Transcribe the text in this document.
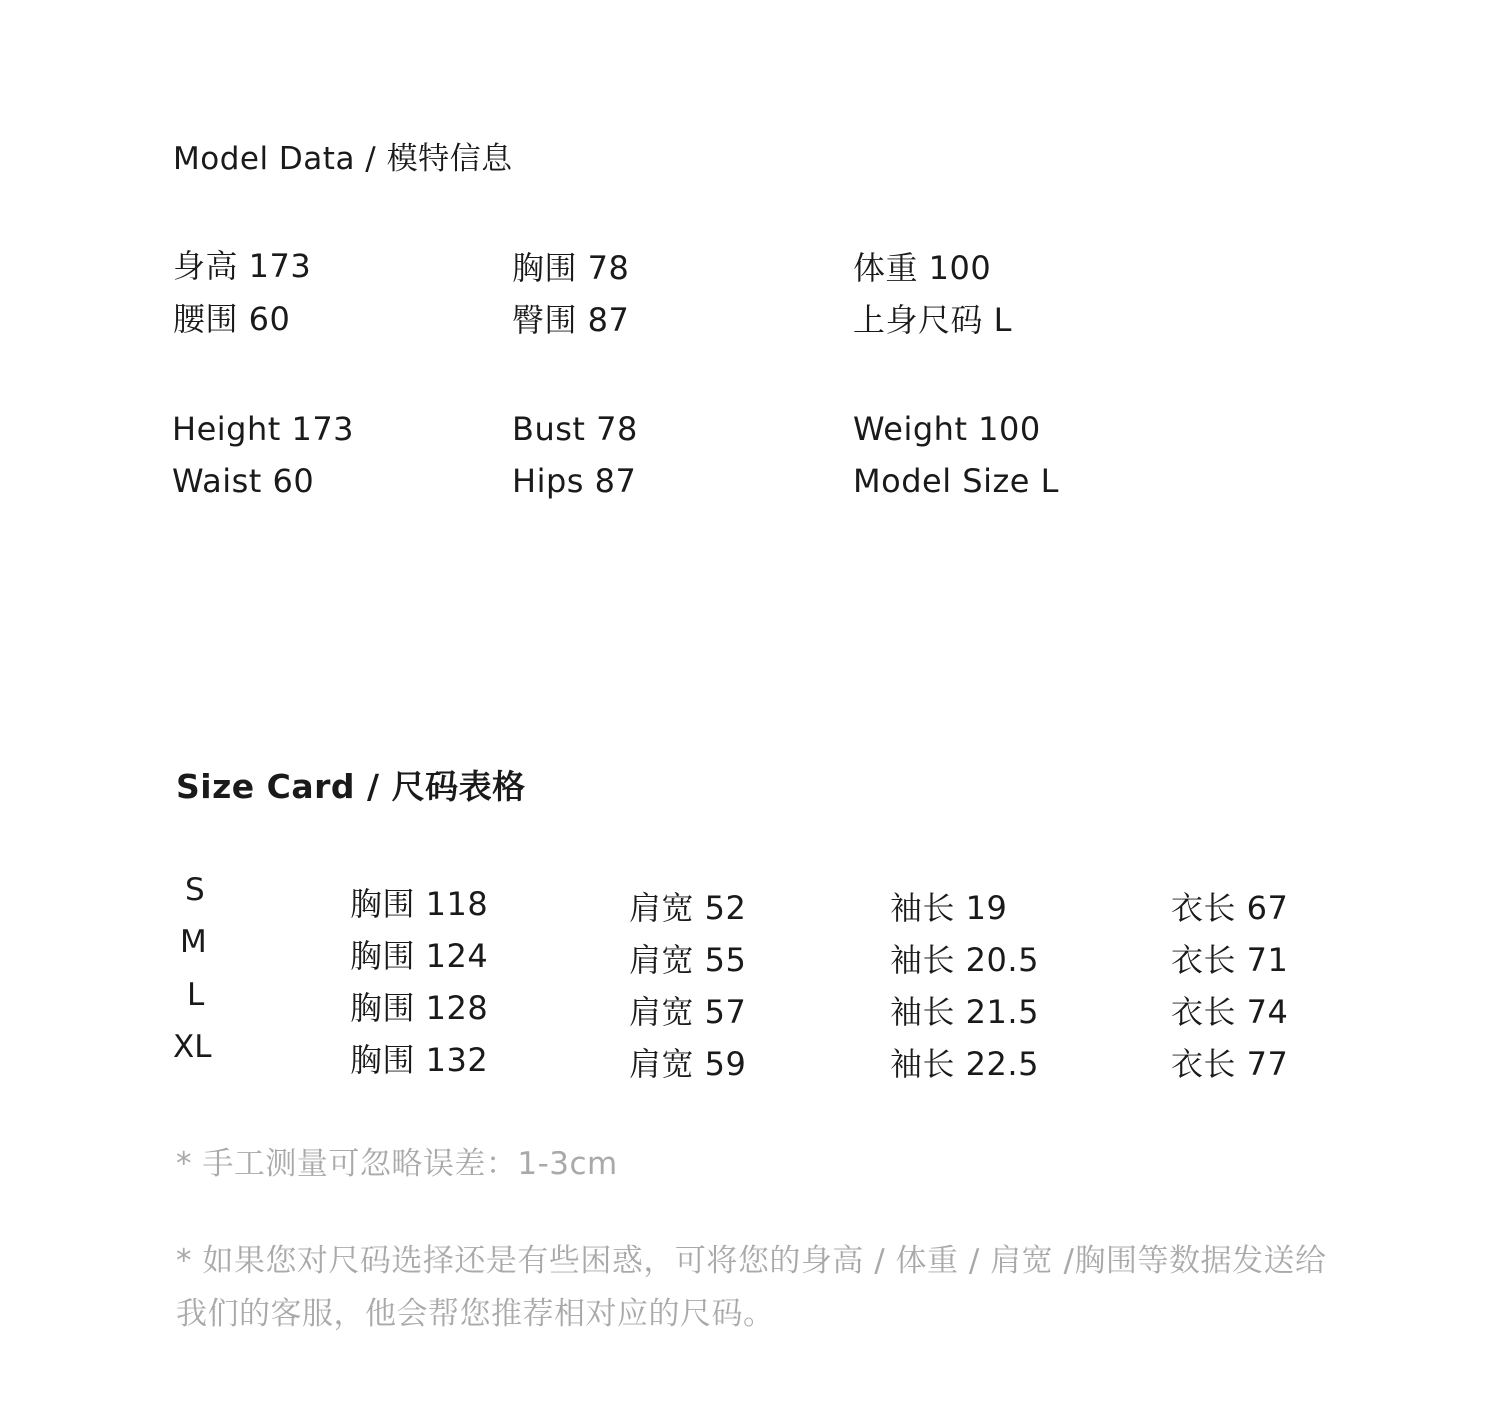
Model Data / 模特信息
身高 173	胸围 78	体重 100
腰围 60	臀围 87	上身尺码 L
Height 173	Bust 78	Weight 100
Waist 60	Hips 87	Model Size L
Size Card / 尺码表格
S	胸围 118	肩宽 52	袖长 19	衣长 67
M	胸围 124	肩宽 55	袖长 20.5	衣长 71
L	胸围 128	肩宽 57	袖长 21.5	衣长 74
XL	胸围 132	肩宽 59	袖长 22.5	衣长 77
* 手工测量可忽略误差：1-3cm
* 如果您对尺码选择还是有些困惑，可将您的身高 / 体重 / 肩宽 /胸围等数据发送给我们的客服，他会帮您推荐相对应的尺码。
